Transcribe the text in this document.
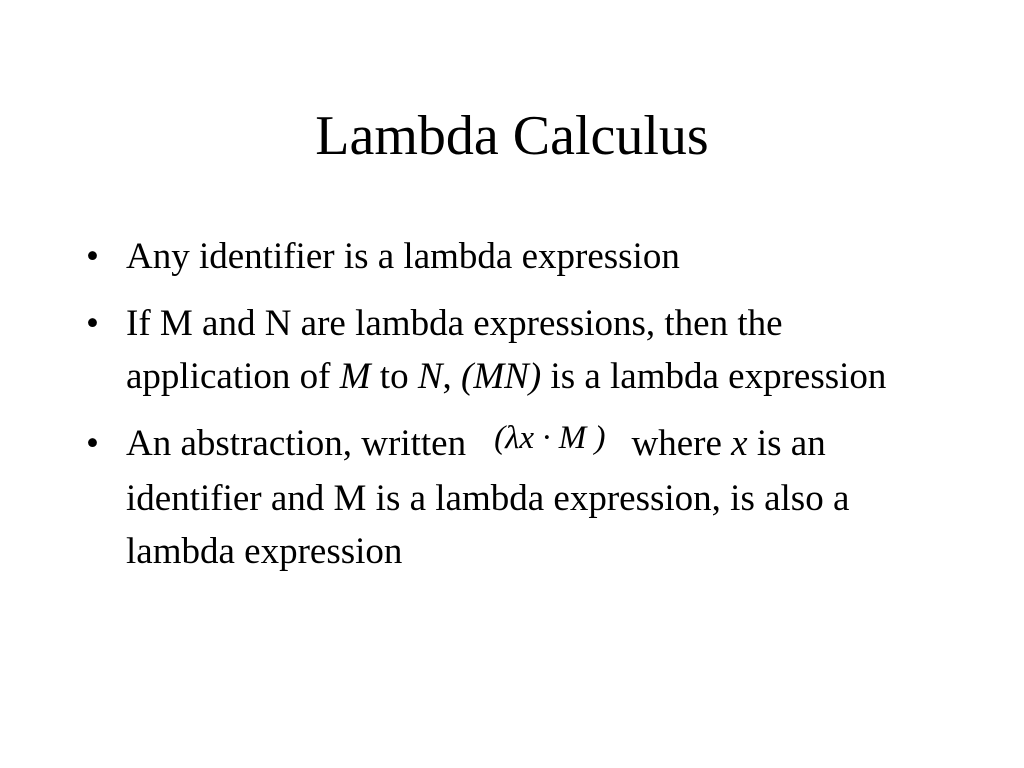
Lambda Calculus
• Any identifier is a lambda expression
• If M and N are lambda expressions, then the application of M to N, (MN) is a lambda expression
• An abstraction, written (λx · M ) where x is an identifier and M is a lambda expression, is also a lambda expression
